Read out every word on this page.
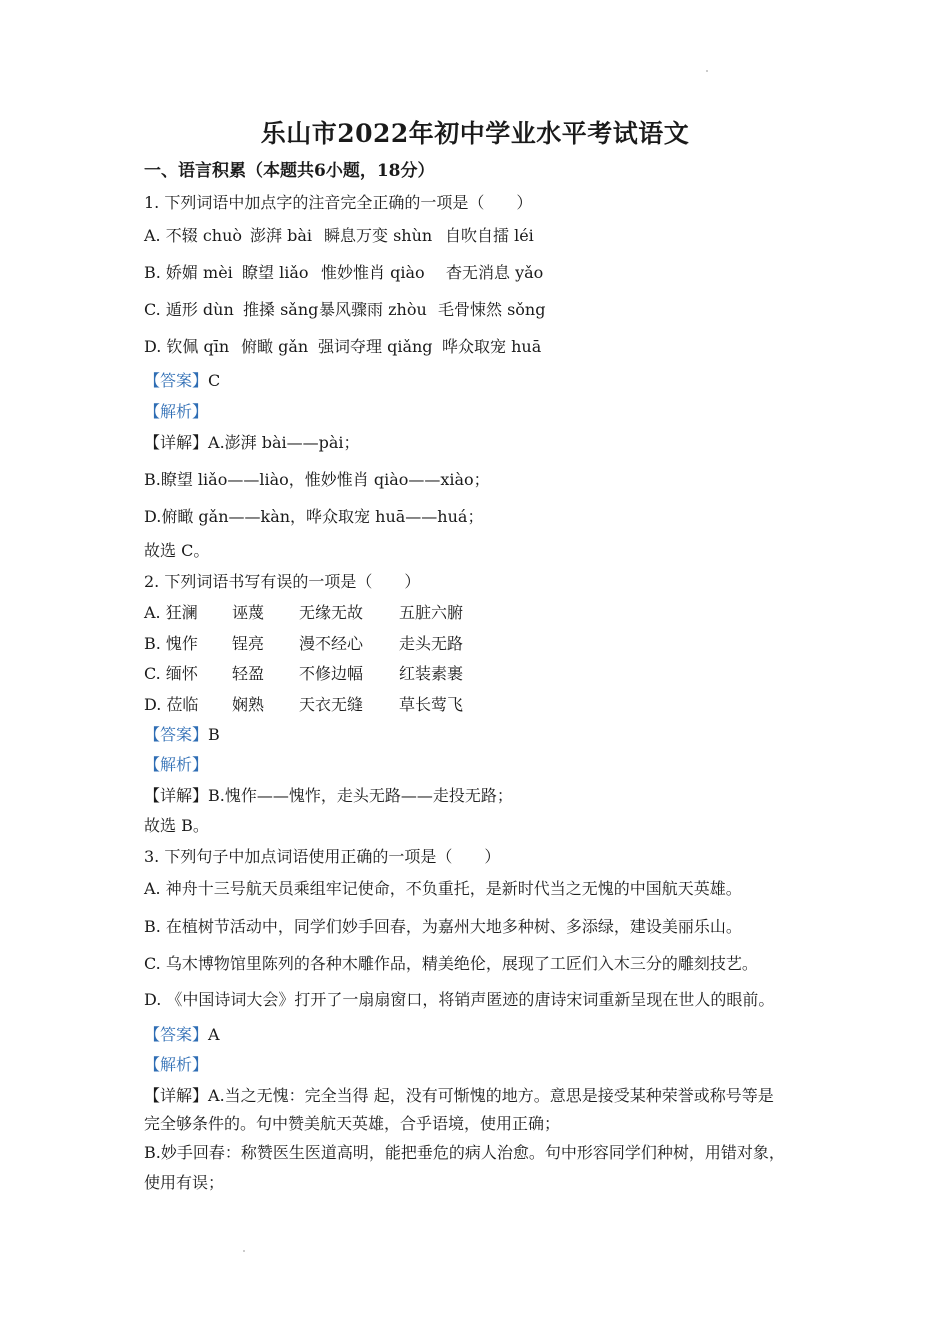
乐山市2022年初中学业水平考试语文
一、语言积累（本题共6小题，18分）
1. 下列词语中加点字的注音完全正确的一项是（　　）
A. 不辍 chuò 澎湃 bài 瞬息万变 shùn 自吹自擂 léi
B. 娇媚 mèi 瞭望 liǎo 惟妙惟肖 qiào 杳无消息 yǎo
C. 遁形 dùn 推搡 sǎng 暴风骤雨 zhòu 毛骨悚然 sǒng
D. 钦佩 qīn 俯瞰 gǎn 强词夺理 qiǎng 哗众取宠 huā
【答案】C
【解析】
【详解】A.澎湃 bài——pài；
B.瞭望 liǎo——liào，惟妙惟肖 qiào——xiào；
D.俯瞰 gǎn——kàn，哗众取宠 huā——huá；
故选 C。
2. 下列词语书写有误的一项是（　　）
A. 狂澜 诬蔑 无缘无故 五脏六腑
B. 愧作 锃亮 漫不经心 走头无路
C. 缅怀 轻盈 不修边幅 红装素裹
D. 莅临 娴熟 天衣无缝 草长莺飞
【答案】B
【解析】
【详解】B.愧作——愧怍，走头无路——走投无路；
故选 B。
3. 下列句子中加点词语使用正确的一项是（　　）
A. 神舟十三号航天员乘组牢记使命，不负重托，是新时代当之无愧的中国航天英雄。
B. 在植树节活动中，同学们妙手回春，为嘉州大地多种树、多添绿，建设美丽乐山。
C. 乌木博物馆里陈列的各种木雕作品，精美绝伦，展现了工匠们入木三分的雕刻技艺。
D. 《中国诗词大会》打开了一扇扇窗口，将销声匿迹的唐诗宋词重新呈现在世人的眼前。
【答案】A
【解析】
【详解】A.当之无愧：完全当得 起，没有可惭愧的地方。意思是接受某种荣誉或称号等是
完全够条件的。句中赞美航天英雄，合乎语境，使用正确；
B.妙手回春：称赞医生医道高明，能把垂危的病人治愈。句中形容同学们种树，用错对象，
使用有误；
